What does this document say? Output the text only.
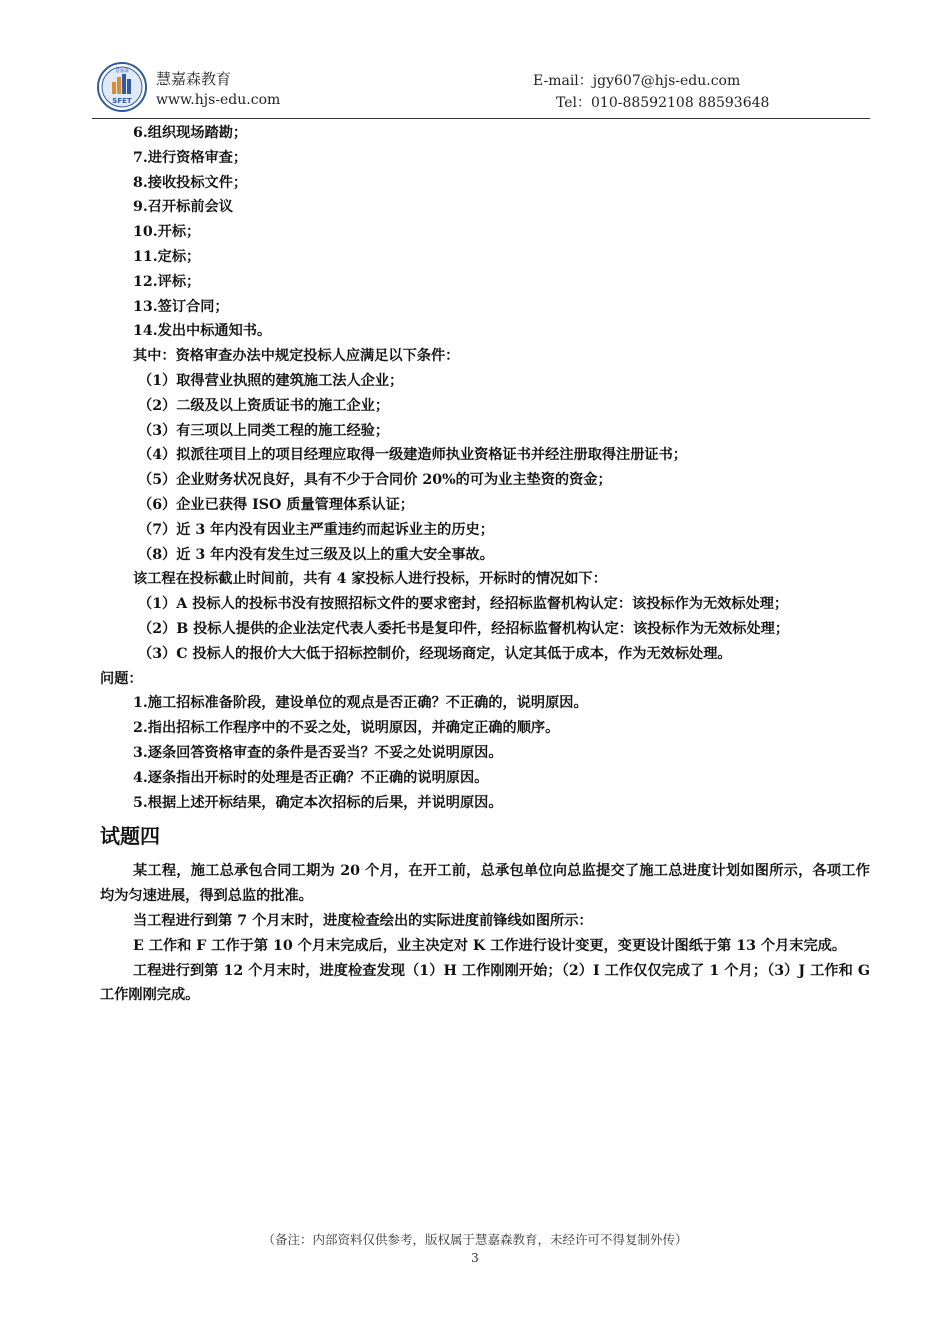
SFET
慧嘉森 慧嘉森教育
www.hjs-edu.com
E-mail：jgy607@hjs-edu.com
Tel：010-88592108 88593648
6.组织现场踏勘；
7.进行资格审查；
8.接收投标文件；
9.召开标前会议
10.开标；
11.定标；
12.评标；
13.签订合同；
14.发出中标通知书。
其中：资格审查办法中规定投标人应满足以下条件：
（1）取得营业执照的建筑施工法人企业；
（2）二级及以上资质证书的施工企业；
（3）有三项以上同类工程的施工经验；
（4）拟派往项目上的项目经理应取得一级建造师执业资格证书并经注册取得注册证书；
（5）企业财务状况良好，具有不少于合同价 20%的可为业主垫资的资金；
（6）企业已获得 ISO 质量管理体系认证；
（7）近 3 年内没有因业主严重违约而起诉业主的历史；
（8）近 3 年内没有发生过三级及以上的重大安全事故。
该工程在投标截止时间前，共有 4 家投标人进行投标，开标时的情况如下：
（1）A 投标人的投标书没有按照招标文件的要求密封，经招标监督机构认定：该投标作为无效标处理；
（2）B 投标人提供的企业法定代表人委托书是复印件，经招标监督机构认定：该投标作为无效标处理；
（3）C 投标人的报价大大低于招标控制价，经现场商定，认定其低于成本，作为无效标处理。
问题：
1.施工招标准备阶段，建设单位的观点是否正确？不正确的，说明原因。
2.指出招标工作程序中的不妥之处，说明原因，并确定正确的顺序。
3.逐条回答资格审查的条件是否妥当？不妥之处说明原因。
4.逐条指出开标时的处理是否正确？不正确的说明原因。
5.根据上述开标结果，确定本次招标的后果，并说明原因。
试题四
某工程，施工总承包合同工期为 20 个月，在开工前，总承包单位向总监提交了施工总进度计划如图所示，各项工作均为匀速进展，得到总监的批准。
当工程进行到第 7 个月末时，进度检查绘出的实际进度前锋线如图所示：
E 工作和 F 工作于第 10 个月末完成后，业主决定对 K 工作进行设计变更，变更设计图纸于第 13 个月末完成。
工程进行到第 12 个月末时，进度检查发现（1）H 工作刚刚开始；（2）I 工作仅仅完成了 1 个月；（3）J 工作和 G 工作刚刚完成。
（备注：内部资料仅供参考，版权属于慧嘉森教育，未经许可不得复制外传）
3
